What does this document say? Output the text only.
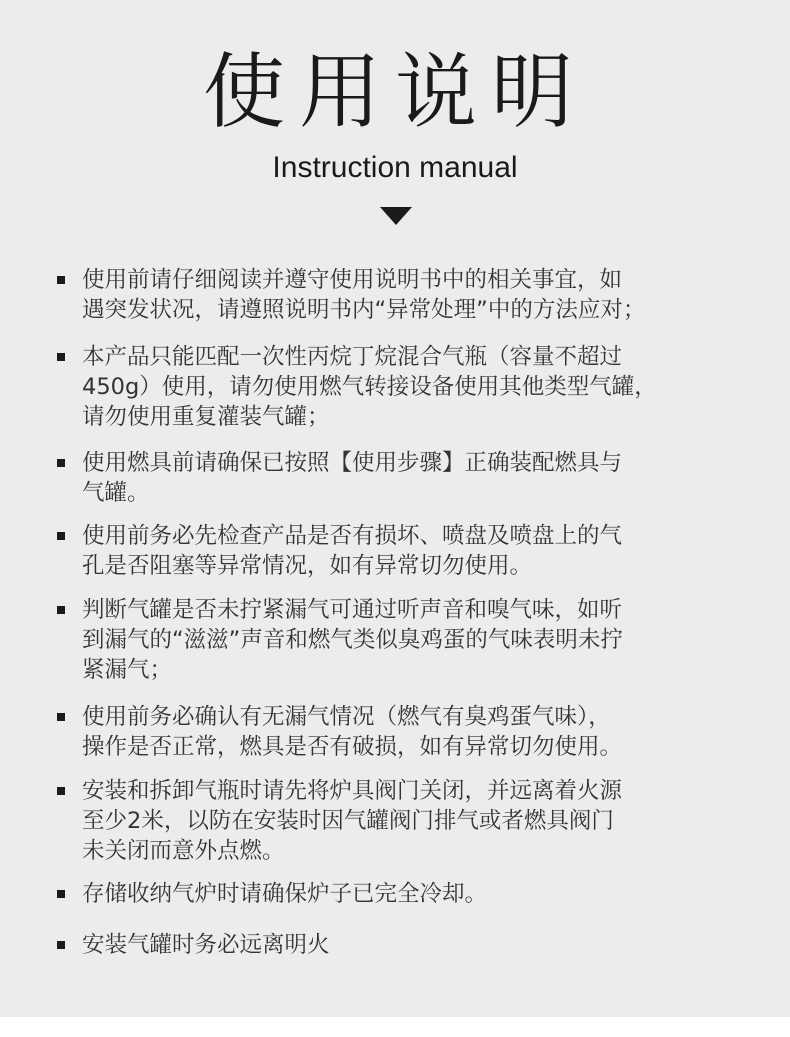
使用说明
Instruction manual
使用前请仔细阅读并遵守使用说明书中的相关事宜，如
遇突发状况，请遵照说明书内“异常处理”中的方法应对；
本产品只能匹配一次性丙烷丁烷混合气瓶（容量不超过
450g）使用，请勿使用燃气转接设备使用其他类型气罐，
请勿使用重复灌装气罐；
使用燃具前请确保已按照【使用步骤】正确装配燃具与
气罐。
使用前务必先检查产品是否有损坏、喷盘及喷盘上的气
孔是否阻塞等异常情况，如有异常切勿使用。
判断气罐是否未拧紧漏气可通过听声音和嗅气味，如听
到漏气的“滋滋”声音和燃气类似臭鸡蛋的气味表明未拧
紧漏气；
使用前务必确认有无漏气情况（燃气有臭鸡蛋气味），
操作是否正常，燃具是否有破损，如有异常切勿使用。
安装和拆卸气瓶时请先将炉具阀门关闭，并远离着火源
至少2米，以防在安装时因气罐阀门排气或者燃具阀门
未关闭而意外点燃。
存储收纳气炉时请确保炉子已完全冷却。
安装气罐时务必远离明火
